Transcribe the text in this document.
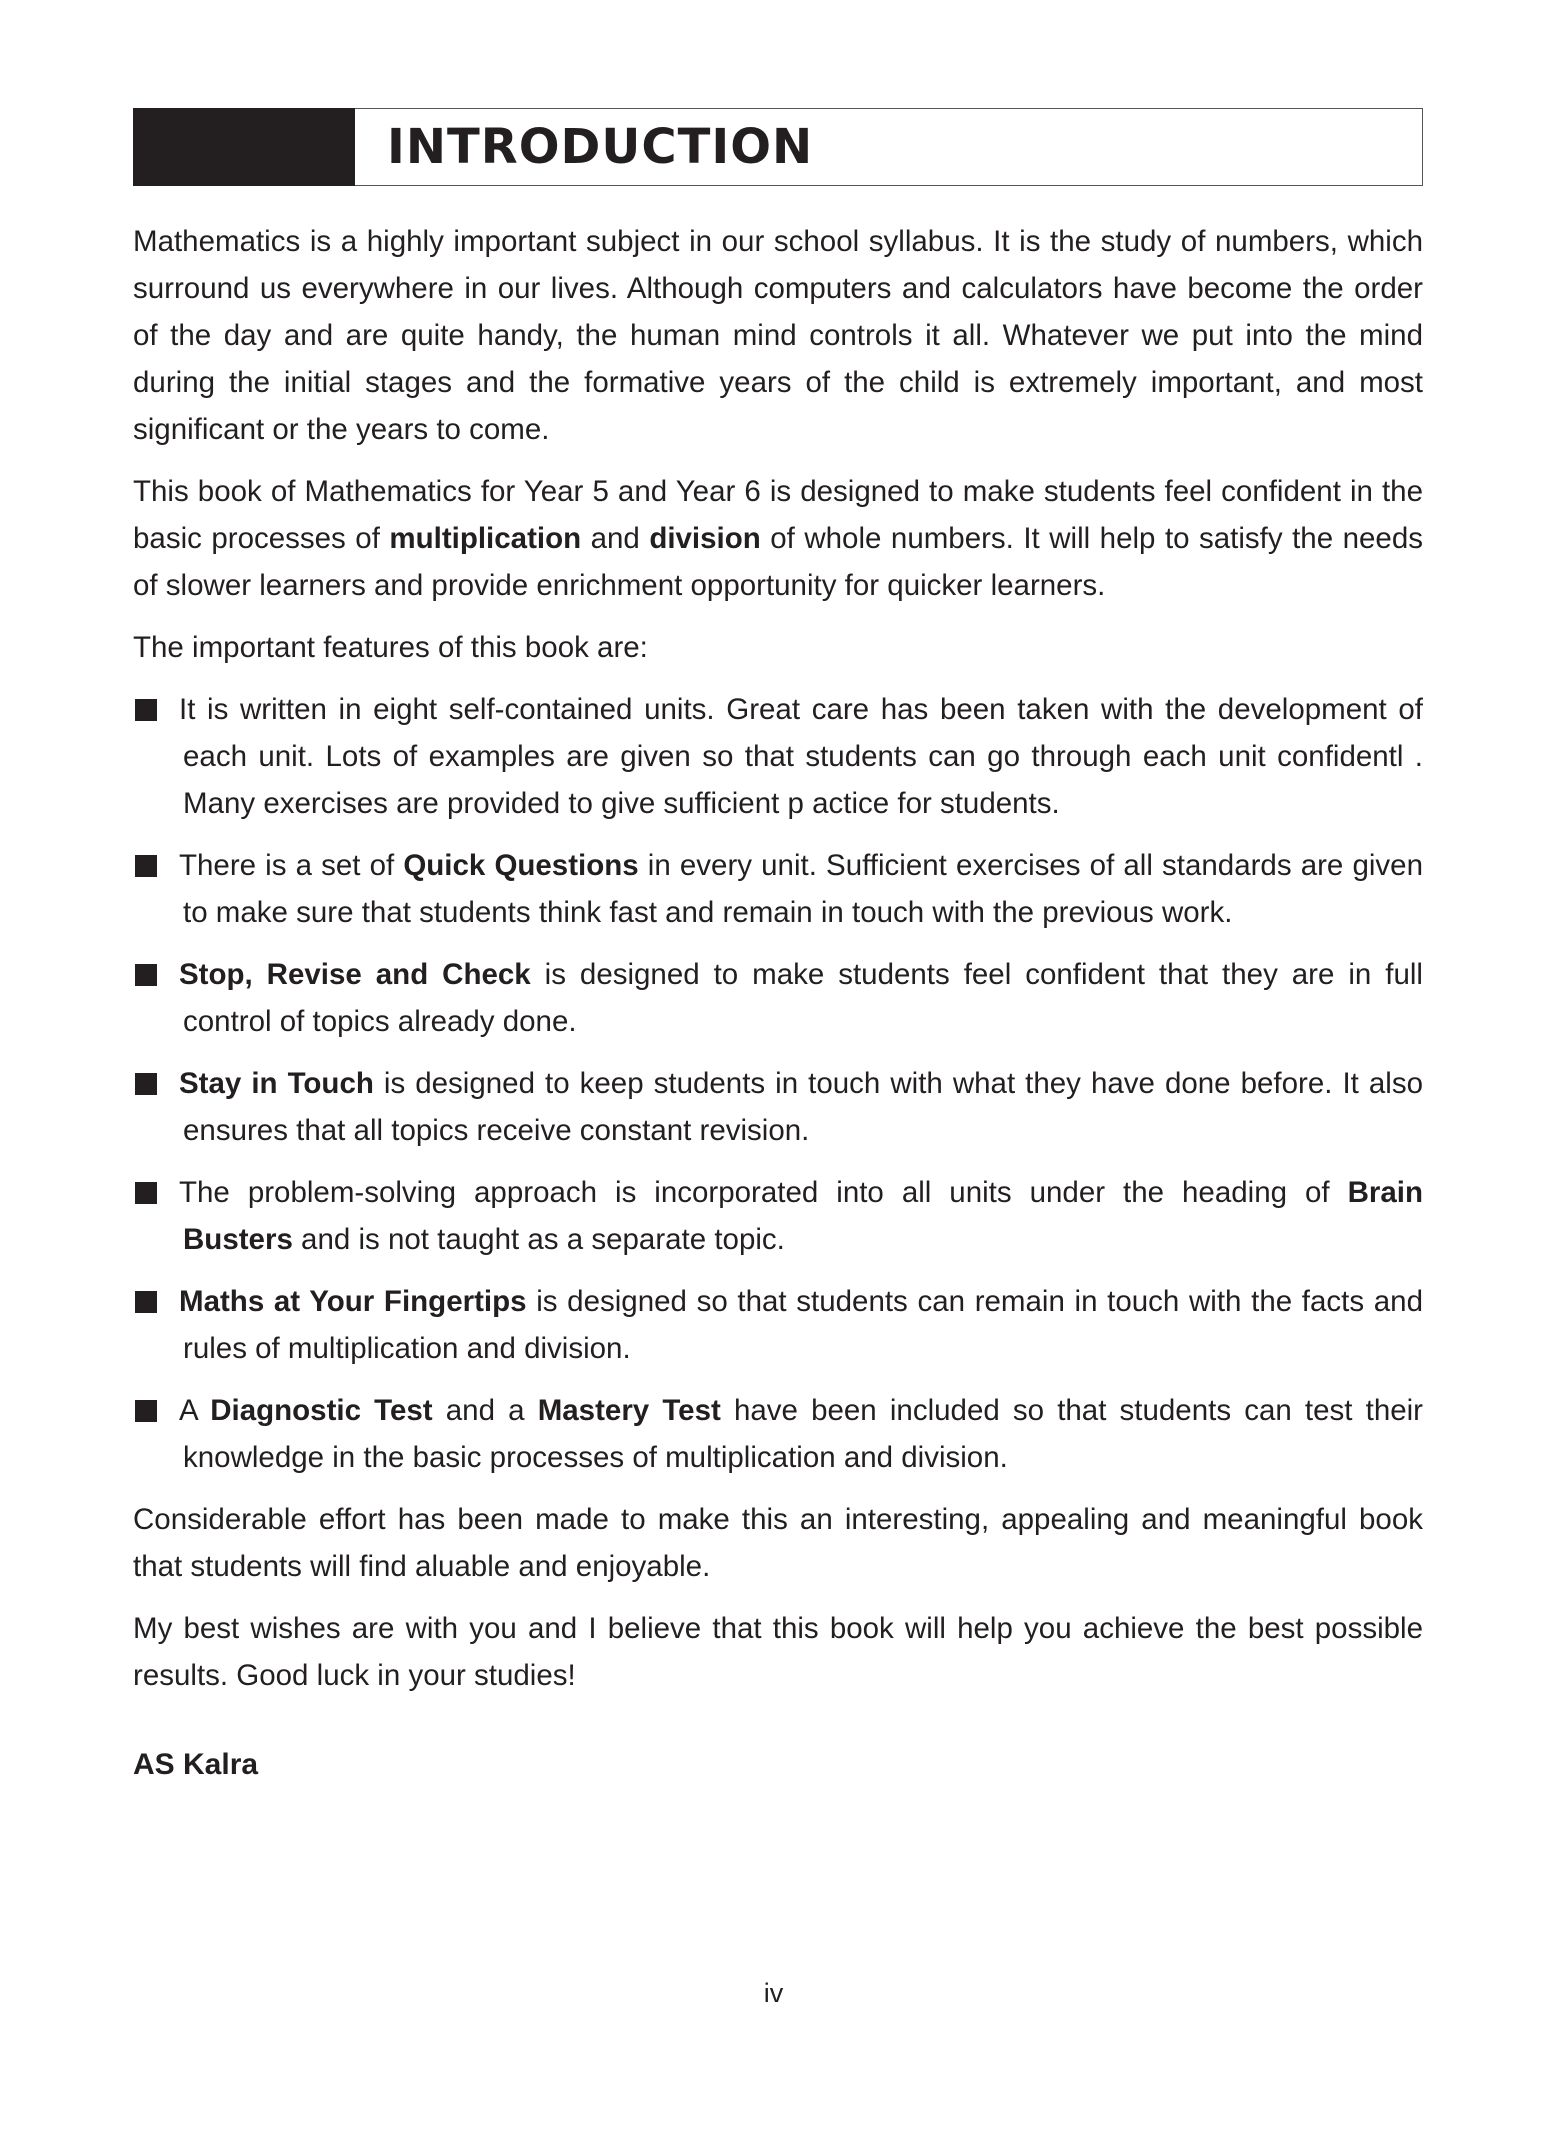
INTRODUCTION

Mathematics is a highly important subject in our school syllabus. It is the study of numbers, which surround us everywhere in our lives. Although computers and calculators have become the order of the day and are quite handy, the human mind controls it all. Whatever we put into the mind during the initial stages and the formative years of the child is extremely important, and most significant or the years to come.

This book of Mathematics for Year 5 and Year 6 is designed to make students feel confident in the basic processes of multiplication and division of whole numbers. It will help to satisfy the needs of slower learners and provide enrichment opportunity for quicker learners.

The important features of this book are:

It is written in eight self-contained units. Great care has been taken with the development of each unit. Lots of examples are given so that students can go through each unit confidentl . Many exercises are provided to give sufficient p actice for students.
There is a set of Quick Questions in every unit. Sufficient exercises of all standards are given to make sure that students think fast and remain in touch with the previous work.
Stop, Revise and Check is designed to make students feel confident that they are in full control of topics already done.
Stay in Touch is designed to keep students in touch with what they have done before. It also ensures that all topics receive constant revision.
The problem-solving approach is incorporated into all units under the heading of Brain Busters and is not taught as a separate topic.
Maths at Your Fingertips is designed so that students can remain in touch with the facts and rules of multiplication and division.
A Diagnostic Test and a Mastery Test have been included so that students can test their knowledge in the basic processes of multiplication and division.

Considerable effort has been made to make this an interesting, appealing and meaningful book that students will find aluable and enjoyable.

My best wishes are with you and I believe that this book will help you achieve the best possible results. Good luck in your studies!

AS Kalra
iv
